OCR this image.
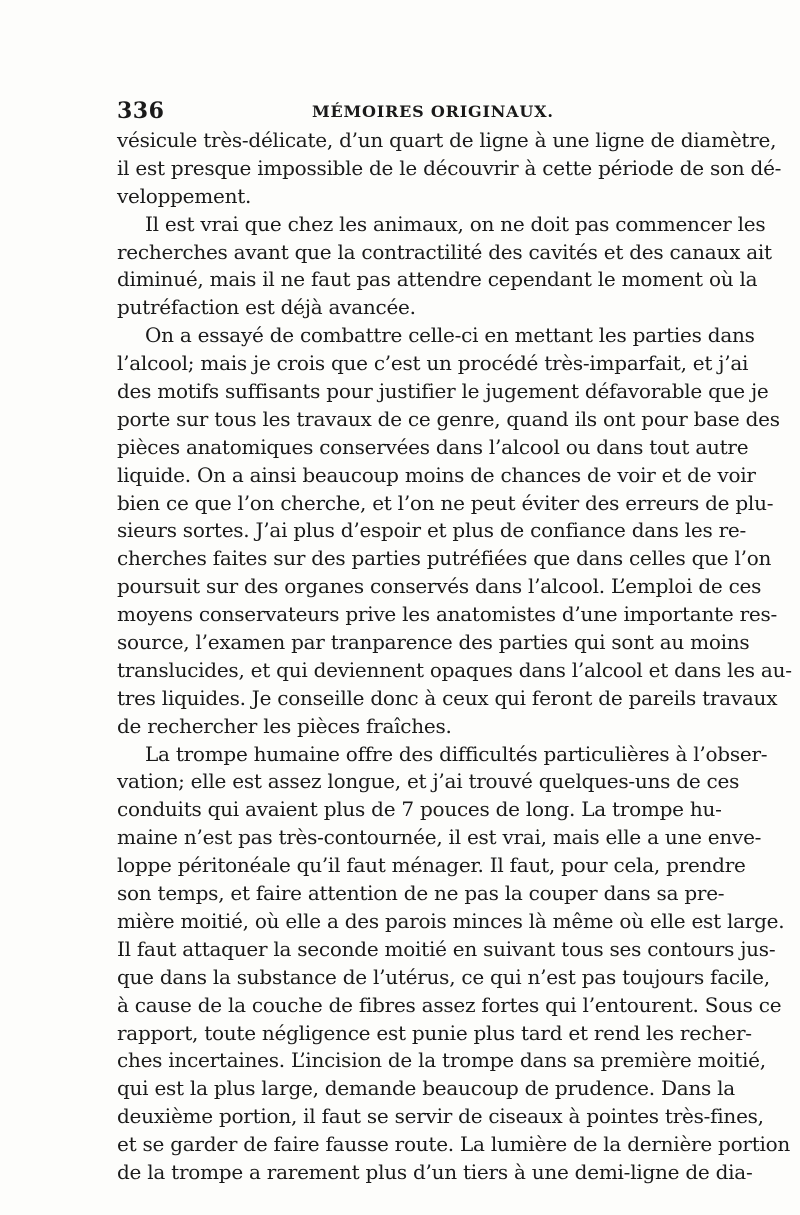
336	MÉMOIRES ORIGINAUX.
vésicule très-délicate, d’un quart de ligne à une ligne de diamètre,
il est presque impossible de le découvrir à cette période de son dé-
veloppement.
Il est vrai que chez les animaux, on ne doit pas commencer les
recherches avant que la contractilité des cavités et des canaux ait
diminué, mais il ne faut pas attendre cependant le moment où la
putréfaction est déjà avancée.
On a essayé de combattre celle-ci en mettant les parties dans
l’alcool; mais je crois que c’est un procédé très-imparfait, et j’ai
des motifs suffisants pour justifier le jugement défavorable que je
porte sur tous les travaux de ce genre, quand ils ont pour base des
pièces anatomiques conservées dans l’alcool ou dans tout autre
liquide. On a ainsi beaucoup moins de chances de voir et de voir
bien ce que l’on cherche, et l’on ne peut éviter des erreurs de plu-
sieurs sortes. J’ai plus d’espoir et plus de confiance dans les re-
cherches faites sur des parties putréfiées que dans celles que l’on
poursuit sur des organes conservés dans l’alcool. L’emploi de ces
moyens conservateurs prive les anatomistes d’une importante res-
source, l’examen par tranparence des parties qui sont au moins
translucides, et qui deviennent opaques dans l’alcool et dans les au-
tres liquides. Je conseille donc à ceux qui feront de pareils travaux
de rechercher les pièces fraîches.
La trompe humaine offre des difficultés particulières à l’obser-
vation; elle est assez longue, et j’ai trouvé quelques-uns de ces
conduits qui avaient plus de 7 pouces de long. La trompe hu-
maine n’est pas très-contournée, il est vrai, mais elle a une enve-
loppe péritonéale qu’il faut ménager. Il faut, pour cela, prendre
son temps, et faire attention de ne pas la couper dans sa pre-
mière moitié, où elle a des parois minces là même où elle est large.
Il faut attaquer la seconde moitié en suivant tous ses contours jus-
que dans la substance de l’utérus, ce qui n’est pas toujours facile,
à cause de la couche de fibres assez fortes qui l’entourent. Sous ce
rapport, toute négligence est punie plus tard et rend les recher-
ches incertaines. L’incision de la trompe dans sa première moitié,
qui est la plus large, demande beaucoup de prudence. Dans la
deuxième portion, il faut se servir de ciseaux à pointes très-fines,
et se garder de faire fausse route. La lumière de la dernière portion
de la trompe a rarement plus d’un tiers à une demi-ligne de dia-
